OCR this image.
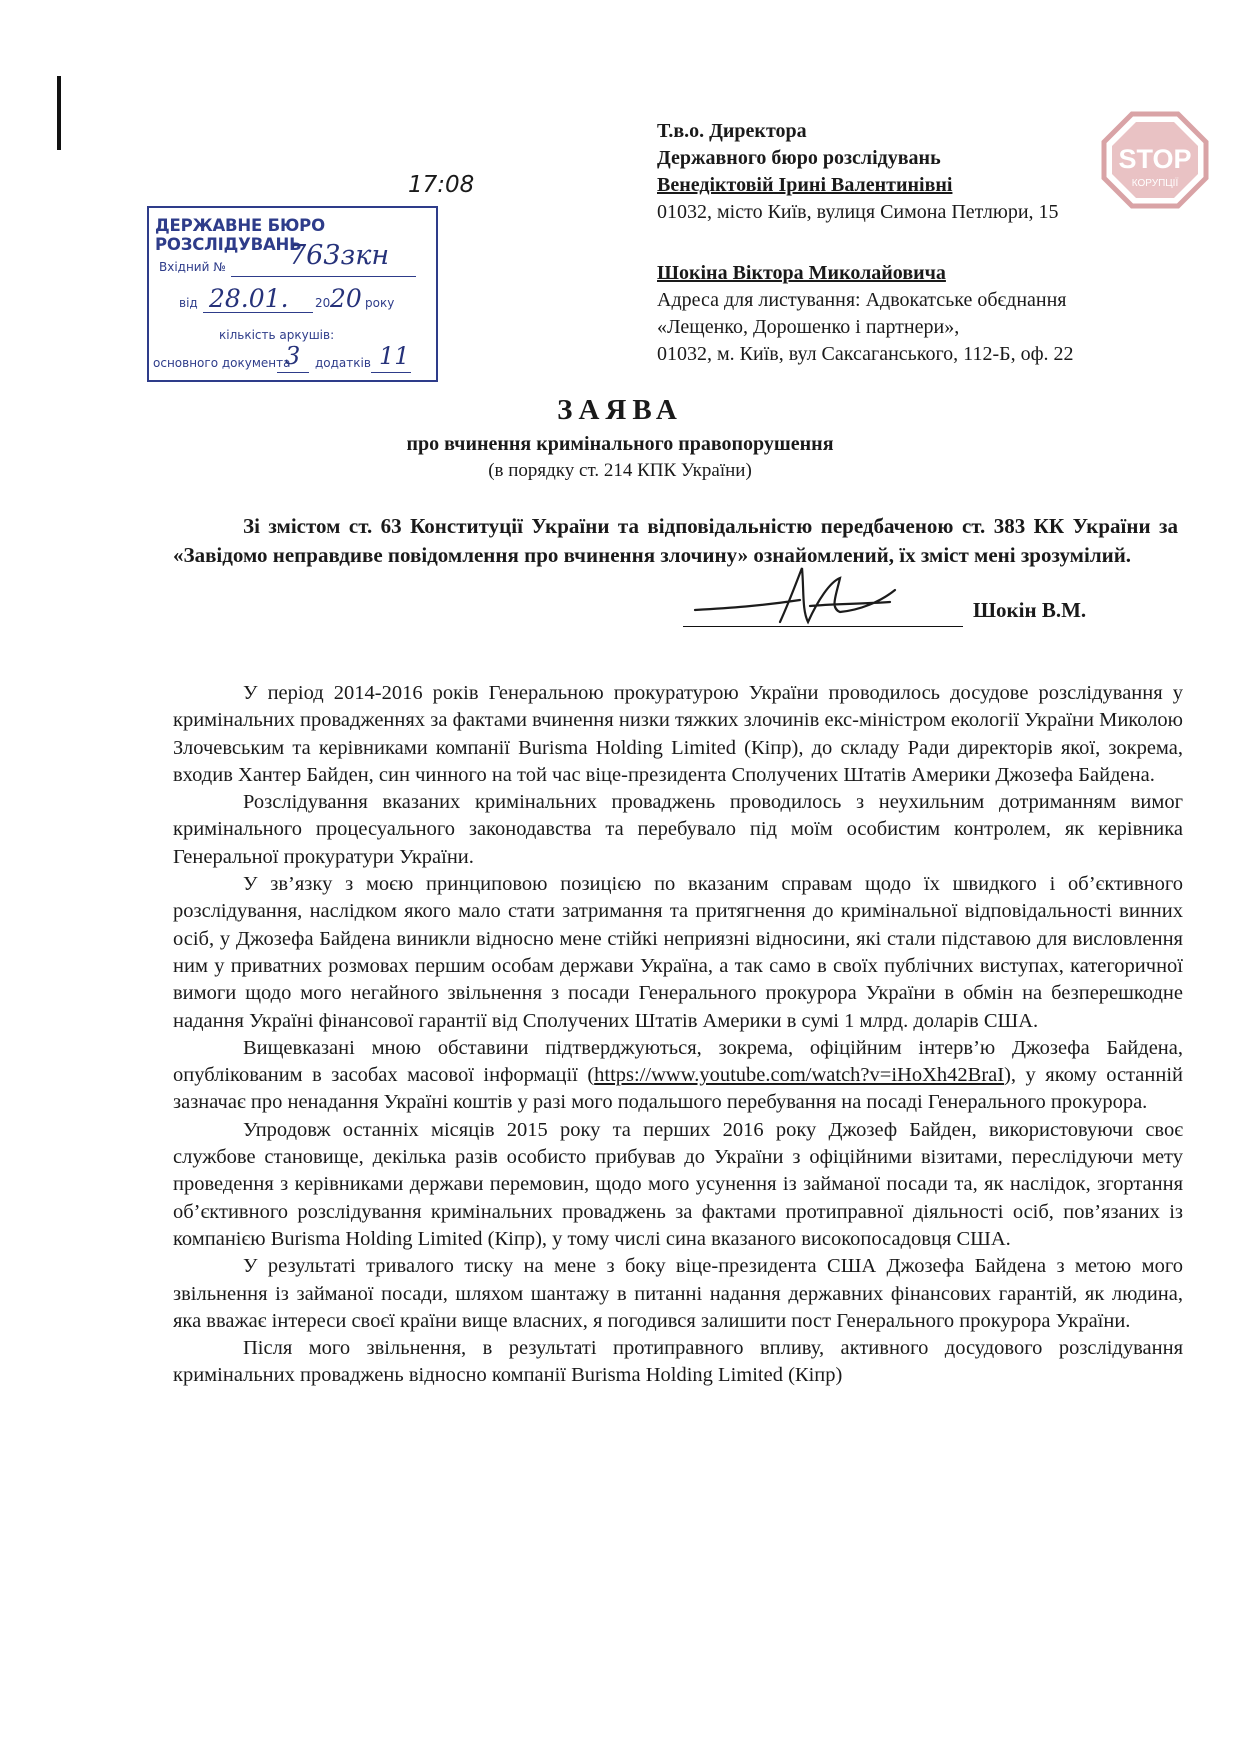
17:08
ДЕРЖАВНЕ БЮРО РОЗСЛІДУВАНЬ
Вхідний № 763зкн
від 28.01. 20 20 року
кількість аркушів:
основного документа
3 додатків 11
Т.в.о. Директора
Державного бюро розслідувань
Венедіктовій Ірині Валентинівні
01032, місто Київ, вулиця Симона Петлюри, 15
STOP
КОРУПЦІЇ
Шокіна Віктора Миколайовича
Адреса для листування: Адвокатське обєднання
«Лещенко, Дорошенко і партнери»,
01032, м. Київ, вул Саксаганського, 112-Б, оф. 22
ЗАЯВА
про вчинення кримінального правопорушення
(в порядку ст. 214 КПК України)
Зі змістом ст. 63 Конституції України та відповідальністю передбаченою ст. 383 КК України за «Завідомо неправдиве повідомлення про вчинення злочину» ознайомлений, їх зміст мені зрозумілий.
Шокін В.М.

У період 2014-2016 років Генеральною прокуратурою України проводилось досудове розслідування у кримінальних провадженнях за фактами вчинення низки тяжких злочинів екс-міністром екології України Миколою Злочевським та керівниками компанії Burisma Holding Limited (Кіпр), до складу Ради директорів якої, зокрема, входив Хантер Байден, син чинного на той час віце-президента Сполучених Штатів Америки Джозефа Байдена.

Розслідування вказаних кримінальних проваджень проводилось з неухильним дотриманням вимог кримінального процесуального законодавства та перебувало під моїм особистим контролем, як керівника Генеральної прокуратури України.

У зв’язку з моєю принциповою позицією по вказаним справам щодо їх швидкого і об’єктивного розслідування, наслідком якого мало стати затримання та притягнення до кримінальної відповідальності винних осіб, у Джозефа Байдена виникли відносно мене стійкі неприязні відносини, які стали підставою для висловлення ним у приватних розмовах першим особам держави Україна, а так само в своїх публічних виступах, категоричної вимоги щодо мого негайного звільнення з посади Генерального прокурора України в обмін на безперешкодне надання Україні фінансової гарантії від Сполучених Штатів Америки в сумі 1 млрд. доларів США.

Вищевказані мною обставини підтверджуються, зокрема, офіційним інтерв’ю Джозефа Байдена, опублікованим в засобах масової інформації (https://www.youtube.com/watch?v=iHoXh42BraI), у якому останній зазначає про ненадання Україні коштів у разі мого подальшого перебування на посаді Генерального прокурора.

Упродовж останніх місяців 2015 року та перших 2016 року Джозеф Байден, використовуючи своє службове становище, декілька разів особисто прибував до України з офіційними візитами, переслідуючи мету проведення з керівниками держави перемовин, щодо мого усунення із займаної посади та, як наслідок, згортання об’єктивного розслідування кримінальних проваджень за фактами протиправної діяльності осіб, пов’язаних із компанією Burisma Holding Limited (Кіпр), у тому числі сина вказаного високопосадовця США.

У результаті тривалого тиску на мене з боку віце-президента США Джозефа Байдена з метою мого звільнення із займаної посади, шляхом шантажу в питанні надання державних фінансових гарантій, як людина, яка вважає інтереси своєї країни вище власних, я погодився залишити пост Генерального прокурора України.

Після мого звільнення, в результаті протиправного впливу, активного досудового розслідування кримінальних проваджень відносно компанії Burisma Holding Limited (Кіпр)
